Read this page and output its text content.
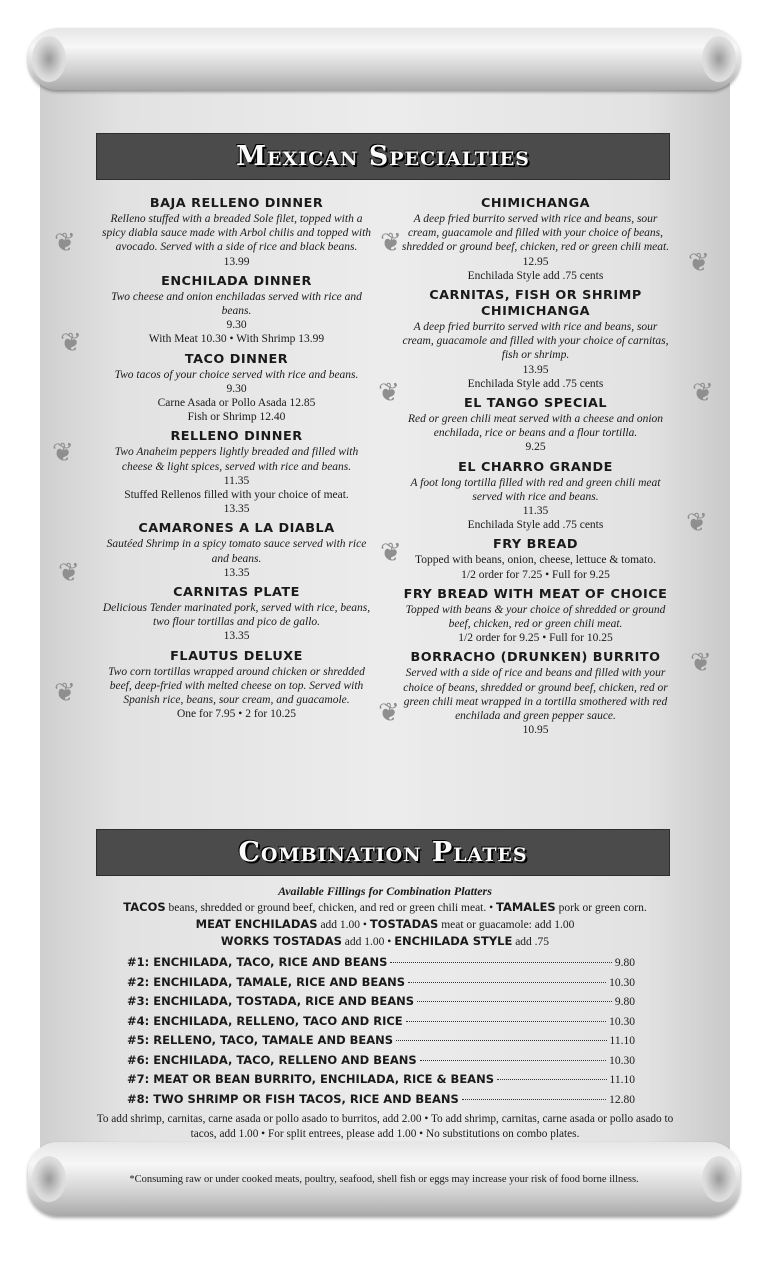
❦
❦
❦
❦
❦
❦
❦
❦
❦
❦
❦
❦
❦
Mexican Specialties
Combination Plates
BAJA RELLENO DINNER
Relleno stuffed with a breaded Sole filet, topped with a spicy diabla sauce made with Arbol chilis and topped with avocado. Served with a side of rice and black beans.
13.99
ENCHILADA DINNER
Two cheese and onion enchiladas served with rice and beans.
9.30
With Meat 10.30 • With Shrimp 13.99
TACO DINNER
Two tacos of your choice served with rice and beans.
9.30
Carne Asada or Pollo Asada 12.85
Fish or Shrimp 12.40
RELLENO DINNER
Two Anaheim peppers lightly breaded and filled with cheese & light spices, served with rice and beans.
11.35
Stuffed Rellenos filled with your choice of meat.
13.35
CAMARONES A LA DIABLA
Sautéed Shrimp in a spicy tomato sauce served with rice and beans.
13.35
CARNITAS PLATE
Delicious Tender marinated pork, served with rice, beans, two flour tortillas and pico de gallo.
13.35
FLAUTUS DELUXE
Two corn tortillas wrapped around chicken or shredded beef, deep-fried with melted cheese on top. Served with Spanish rice, beans, sour cream, and guacamole.
One for 7.95 • 2 for 10.25
CHIMICHANGA
A deep fried burrito served with rice and beans, sour cream, guacamole and filled with your choice of beans, shredded or ground beef, chicken, red or green chili meat.
12.95
Enchilada Style add .75 cents
CARNITAS, FISH OR SHRIMP CHIMICHANGA
A deep fried burrito served with rice and beans, sour cream, guacamole and filled with your choice of carnitas, fish or shrimp.
13.95
Enchilada Style add .75 cents
EL TANGO SPECIAL
Red or green chili meat served with a cheese and onion enchilada, rice or beans and a flour tortilla.
9.25
EL CHARRO GRANDE
A foot long tortilla filled with red and green chili meat served with rice and beans.
11.35
Enchilada Style add .75 cents
FRY BREAD
Topped with beans, onion, cheese, lettuce & tomato.
1/2 order for 7.25 • Full for 9.25
FRY BREAD WITH MEAT OF CHOICE
Topped with beans & your choice of shredded or ground beef, chicken, red or green chili meat.
1/2 order for 9.25 • Full for 10.25
BORRACHO (DRUNKEN) BURRITO
Served with a side of rice and beans and filled with your choice of beans, shredded or ground beef, chicken, red or green chili meat wrapped in a tortilla smothered with red enchilada and green pepper sauce.
10.95
Available Fillings for Combination Platters
TACOS beans, shredded or ground beef, chicken, and red or green chili meat. • TAMALES pork or green corn.
MEAT ENCHILADAS add 1.00 • TOSTADAS meat or guacamole: add 1.00
WORKS TOSTADAS add 1.00 • ENCHILADA STYLE add .75
#1: ENCHILADA, TACO, RICE AND BEANS	9.80
#2: ENCHILADA, TAMALE, RICE AND BEANS	10.30
#3: ENCHILADA, TOSTADA, RICE AND BEANS	9.80
#4: ENCHILADA, RELLENO, TACO AND RICE	10.30
#5: RELLENO, TACO, TAMALE AND BEANS	11.10
#6: ENCHILADA, TACO, RELLENO AND BEANS	10.30
#7: MEAT OR BEAN BURRITO, ENCHILADA, RICE & BEANS	11.10
#8: TWO SHRIMP OR FISH TACOS, RICE AND BEANS	12.80
To add shrimp, carnitas, carne asada or pollo asado to burritos, add 2.00 • To add shrimp, carnitas, carne asada or pollo asado to tacos, add 1.00 • For split entrees, please add 1.00 • No substitutions on combo plates.
*Consuming raw or under cooked meats, poultry, seafood, shell fish or eggs may increase your risk of food borne illness.
